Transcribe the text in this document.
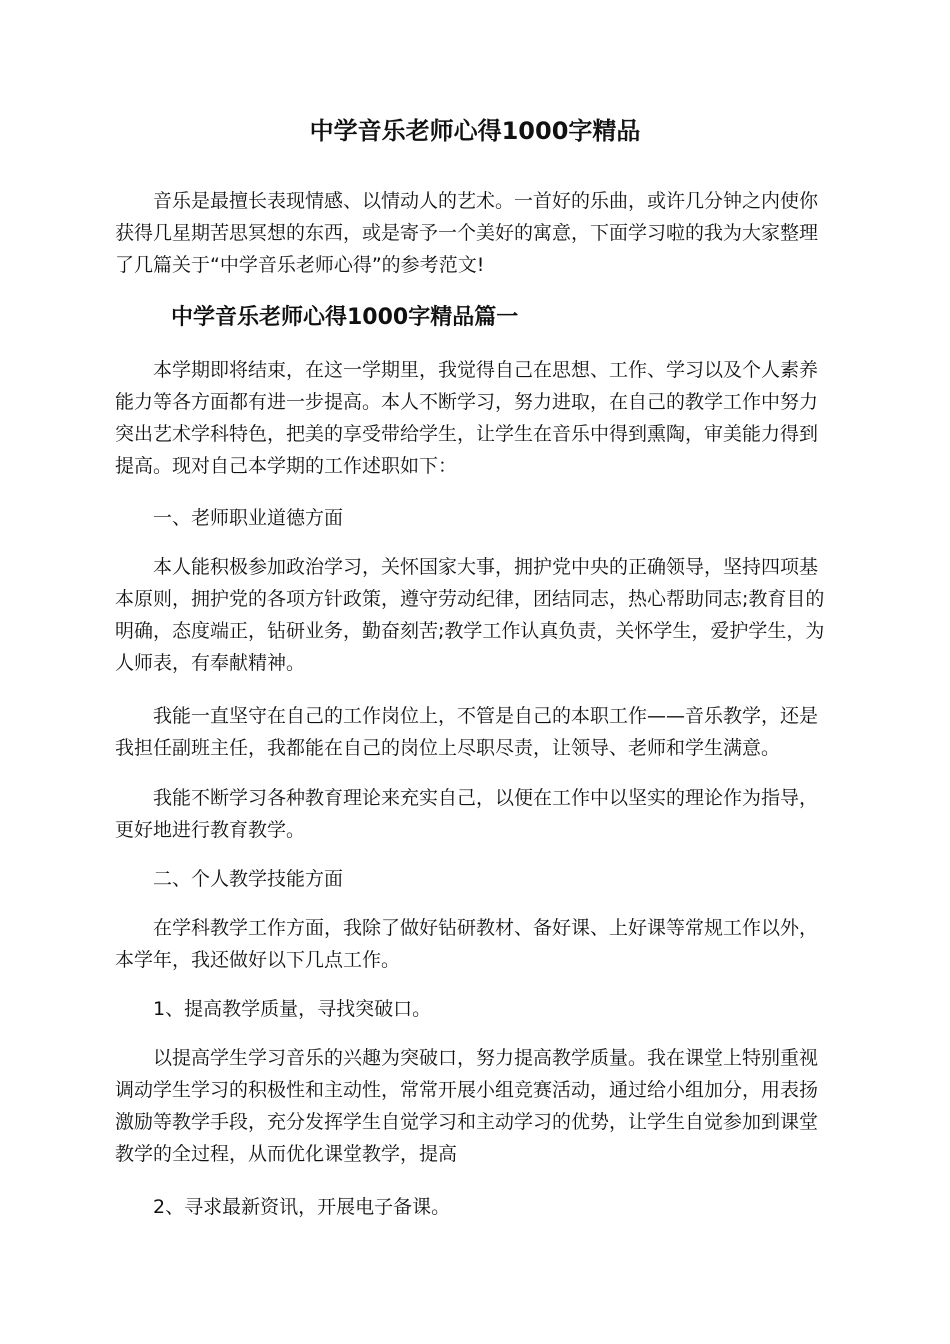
中学音乐老师心得1000字精品
音乐是最擅长表现情感、以情动人的艺术。一首好的乐曲，或许几分钟之内使你
获得几星期苦思冥想的东西，或是寄予一个美好的寓意，下面学习啦的我为大家整理
了几篇关于“中学音乐老师心得”的参考范文!
中学音乐老师心得1000字精品篇一
本学期即将结束，在这一学期里，我觉得自己在思想、工作、学习以及个人素养
能力等各方面都有进一步提高。本人不断学习，努力进取，在自己的教学工作中努力
突出艺术学科特色，把美的享受带给学生，让学生在音乐中得到熏陶，审美能力得到
提高。现对自己本学期的工作述职如下：
一、老师职业道德方面
本人能积极参加政治学习，关怀国家大事，拥护党中央的正确领导，坚持四项基
本原则，拥护党的各项方针政策，遵守劳动纪律，团结同志，热心帮助同志;教育目的
明确，态度端正，钻研业务，勤奋刻苦;教学工作认真负责，关怀学生，爱护学生，为
人师表，有奉献精神。
我能一直坚守在自己的工作岗位上，不管是自己的本职工作——音乐教学，还是
我担任副班主任，我都能在自己的岗位上尽职尽责，让领导、老师和学生满意。
我能不断学习各种教育理论来充实自己，以便在工作中以坚实的理论作为指导，
更好地进行教育教学。
二、个人教学技能方面
在学科教学工作方面，我除了做好钻研教材、备好课、上好课等常规工作以外，
本学年，我还做好以下几点工作。
1、提高教学质量，寻找突破口。
以提高学生学习音乐的兴趣为突破口，努力提高教学质量。我在课堂上特别重视
调动学生学习的积极性和主动性，常常开展小组竞赛活动，通过给小组加分，用表扬
激励等教学手段，充分发挥学生自觉学习和主动学习的优势，让学生自觉参加到课堂
教学的全过程，从而优化课堂教学，提高
2、寻求最新资讯，开展电子备课。
